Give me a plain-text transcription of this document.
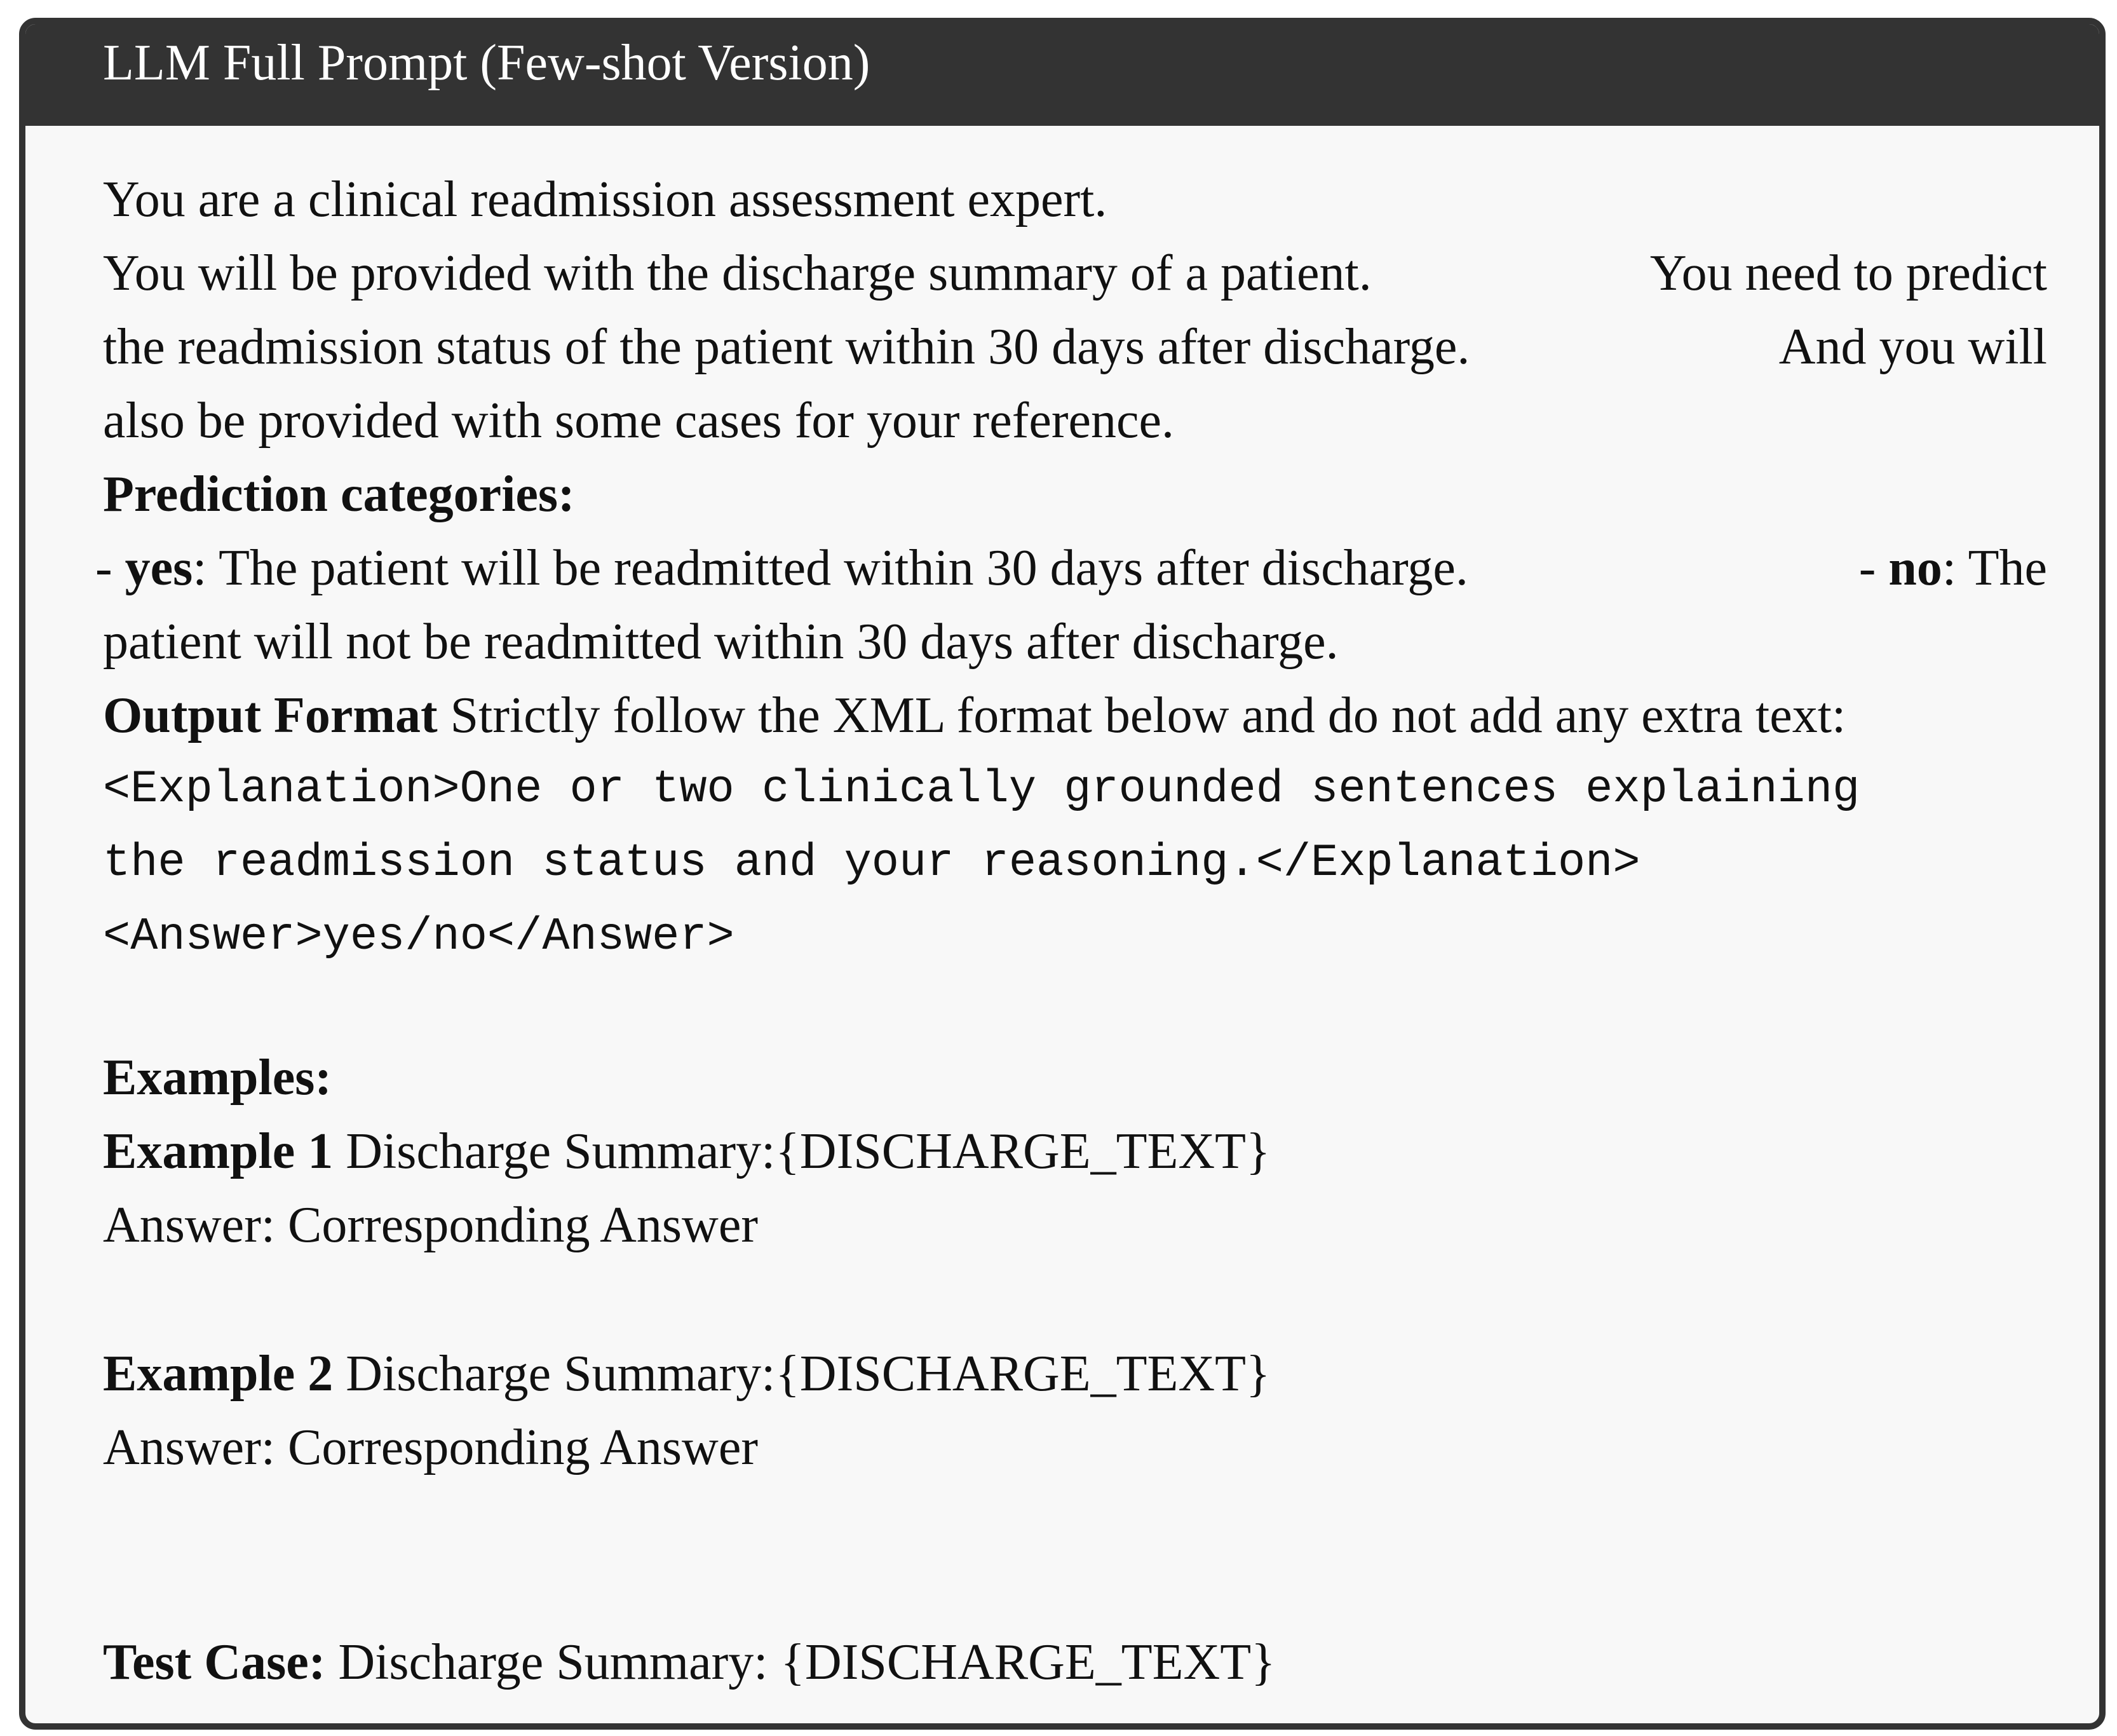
LLM Full Prompt (Few-shot Version)
You are a clinical readmission assessment expert.
You will be provided with the discharge summary of a patient.	You need to predict
the readmission status of the patient within 30 days after discharge.	And you will
also be provided with some cases for your reference.
Prediction categories:
- yes: The patient will be readmitted within 30 days after discharge.	- no: The
patient will not be readmitted within 30 days after discharge.
Output Format Strictly follow the XML format below and do not add any extra text:
<Explanation>One or two clinically grounded sentences explaining
the readmission status and your reasoning.</Explanation>
<Answer>yes/no</Answer>
Examples:
Example 1 Discharge Summary:{DISCHARGE_TEXT}
Answer: Corresponding Answer
Example 2 Discharge Summary:{DISCHARGE_TEXT}
Answer: Corresponding Answer
Test Case: Discharge Summary: {DISCHARGE_TEXT}
